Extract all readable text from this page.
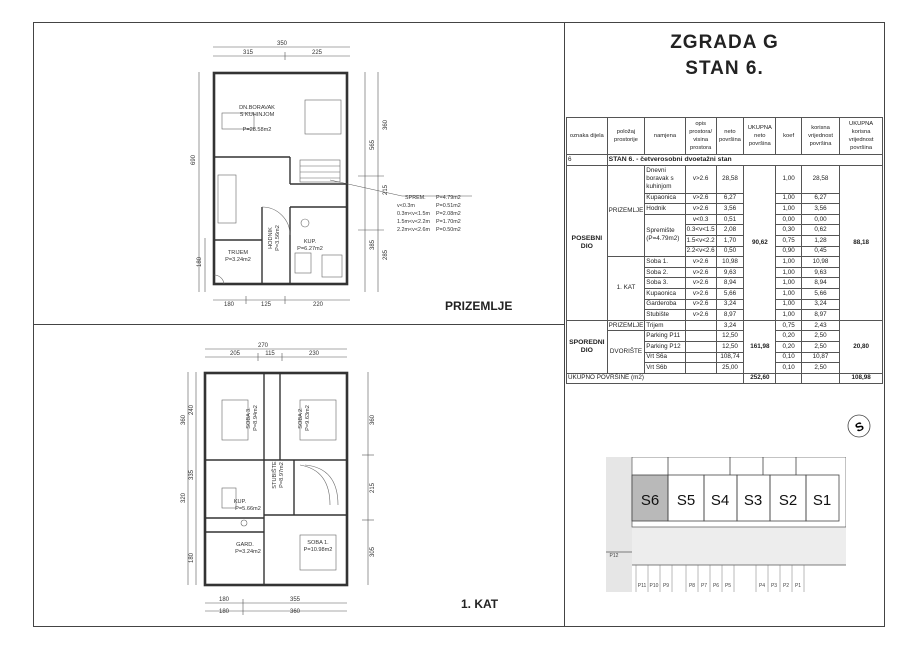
350
315	225
180	125	220
690
180
360
565
215
385
285
DN.BORAVAK
S KUHINJOM
P=28.58m2
HODNIK P=3.56m2	KUP.
P=6.27m2
TRIJEM
P=3.24m2
SPREM. P=4.79m2
v<0.3m	P=0.51m2
0.3m<v<1.5m P=2.08m2
1.5m<v<2.2m P=1.70m2
2.2m<v<2.6m P=0.50m2
PRIZEMLJE
270
205	115	230
180	355
180	360
360
240
320
335
180
360
215
305
SOBA 3. P=8.94m2	SOBA 2. P=9.63m2
STUBIŠTE P=8.97m2
KUP.
P=5.66m2
GARD.
P=3.24m2
SOBA 1.
P=10.98m2
1. KAT
ZGRADA G
STAN 6.
oznaka dijela	položaj prostorije	namjena	opis prostora/ visina prostora	neto površina	UKUPNA neto površina	koef	korisna vrijednost površina	UKUPNA korisna vrijednost površina
6	STAN 6. - četverosobni dvoetažni stan							
POSEBNI DIO	PRIZEMLJE	Dnevni boravak s kuhinjom	v>2.6	28,58	90,62	1,00	28,58	88,18
		Kupaonica	v>2.6	6,27		1,00	6,27	
		Hodnik	v>2.6	3,56		1,00	3,56	
		Spremište (P=4.79m2)	v<0.3	0,51		0,00	0,00	
			0.3<v<1.5	2,08		0,30	0,62	
			1.5<v<2.2	1,70		0,75	1,28	
			2.2<v<2.6	0,50		0,90	0,45	
	1. KAT	Soba 1.	v>2.6	10,98		1,00	10,98	
		Soba 2.	v>2.6	9,63		1,00	9,63	
		Soba 3.	v>2.6	8,94		1,00	8,94	
		Kupaonica	v>2.6	5,66		1,00	5,66	
		Garderoba	v>2.6	3,24		1,00	3,24	
		Stubište	v>2.6	8,97		1,00	8,97	
SPOREDNI DIO	PRIZEMLJE	Trijem		3,24	161,98	0,75	2,43	20,80
	DVORIŠTE	Parking P11		12,50		0,20	2,50	
		Parking P12		12,50		0,20	2,50	
		Vrt S6a		108,74		0,10	10,87	
		Vrt S6b		25,00		0,10	2,50	
UKUPNO POVRŠINE (m2)					252,60			108,98
S
S6 S5 S4 S3 S2 S1
P12
P11 P10 P9	P8 P7 P6 P5	P4 P3 P2 P1
